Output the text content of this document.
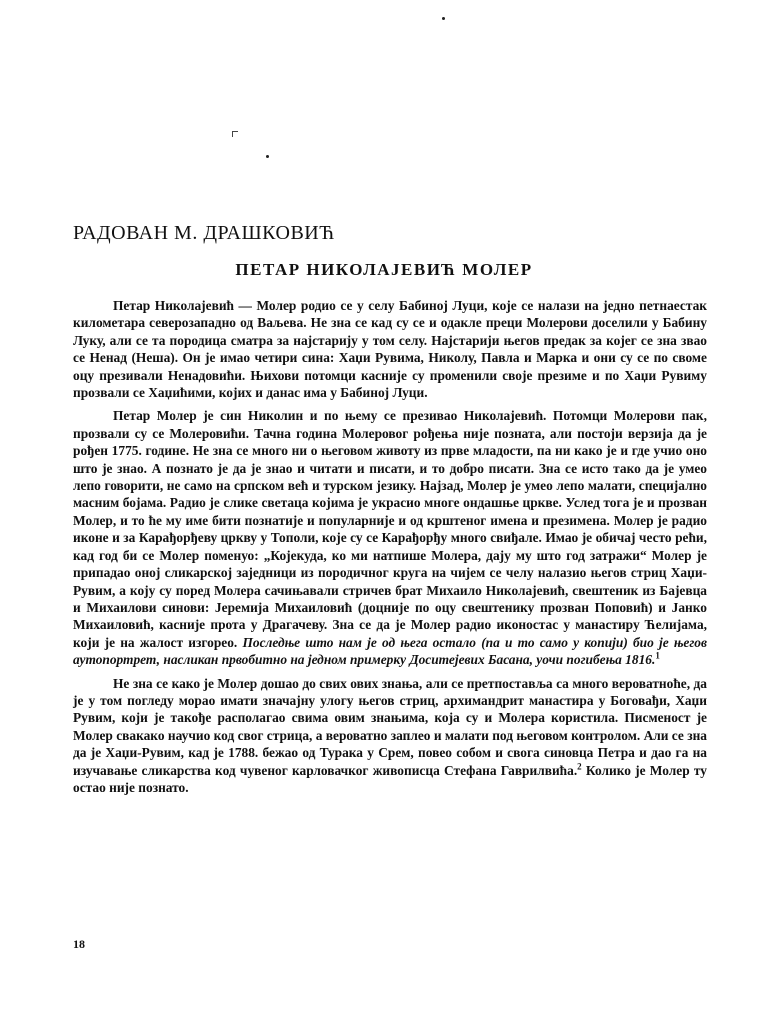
РАДОВАН М. ДРАШКОВИЋ
ПЕТАР НИКОЛАЈЕВИЋ МОЛЕР

Петар Николајевић — Молер родио се у селу Бабиној Луци, које се налази на једно петнаестак километара северозападно од Ваљева. Не зна се кад су се и одакле преци Молерови доселили у Бабину Луку, али се та породица сматра за најстарију у том селу. Најстарији његов предак за којег се зна звао се Ненад (Неша). Он је имао четири сина: Хаџи Рувима, Николу, Павла и Марка и они су се по своме оцу презивали Ненадовићи. Њихови потомци касније су променили своје презиме и по Хаџи Рувиму прозвали се Хаџићими, којих и данас има у Бабиној Луци.

Петар Молер је син Николин и по њему се презивао Николајевић. Потомци Молерови пак, прозвали су се Молеровићи. Тачна година Молеровог рођења није позната, али постоји верзија да је рођен 1775. године. Не зна се много ни о његовом животу из прве младости, па ни како је и где учио оно што је знао. А познато је да је знао и читати и писати, и то добро писати. Зна се исто тако да је умео лепо говорити, не само на српском већ и турском језику. Најзад, Молер је умео лепо малати, специјално масним бојама. Радио је слике светаца којима је украсио многе ондашње цркве. Услед тога је и прозван Молер, и то ће му име бити познатије и популарније и од крштеног имена и презимена. Молер је радио иконе и за Карађорђеву цркву у Тополи, које су се Карађорђу много свиђале. Имао је обичај често рећи, кад год би се Молер поменуо: „Којекуда, ко ми натпише Молера, дају му што год затражи“ Молер је припадао оној сликарској заједници из породичног круга на чијем се челу налазио његов стриц Хаџи-Рувим, а коју су поред Молера сачињавали стричев брат Михаило Николајевић, свештеник из Бајевца и Михаилови синови: Јеремија Михаиловић (доцније по оцу свештенику прозван Поповић) и Јанко Михаиловић, касније прота у Драгачеву. Зна се да је Молер радио иконостас у манастиру Ћелијама, који је на жалост изгорео. Последње што нам је од њега остало (па и то само у копији) био је његов аутопортрет, насликан првобитно на једном примерку Доситејевих Басана, уочи погибења 1816.$^1$

Не зна се како је Молер дошао до свих ових знања, али се претпоставља са много вероватноће, да је у том погледу морао имати значајну улогу његов стриц, архимандрит манастира у Боговађи, Хаџи Рувим, који је такође располагао свима овим знањима, која су и Молера користила. Писменост је Молер свакако научио код свог стрица, а вероватно заплео и малати под његовом контролом. Али се зна да је Хаџи-Рувим, кад је 1788. бежао од Турака у Срем, повео собом и свога синовца Петра и дао га на изучавање сликарства код чувеног карловачког живописца Стефана Гаврилвића.$^2$ Колико је Молер ту остао није познато.

18
